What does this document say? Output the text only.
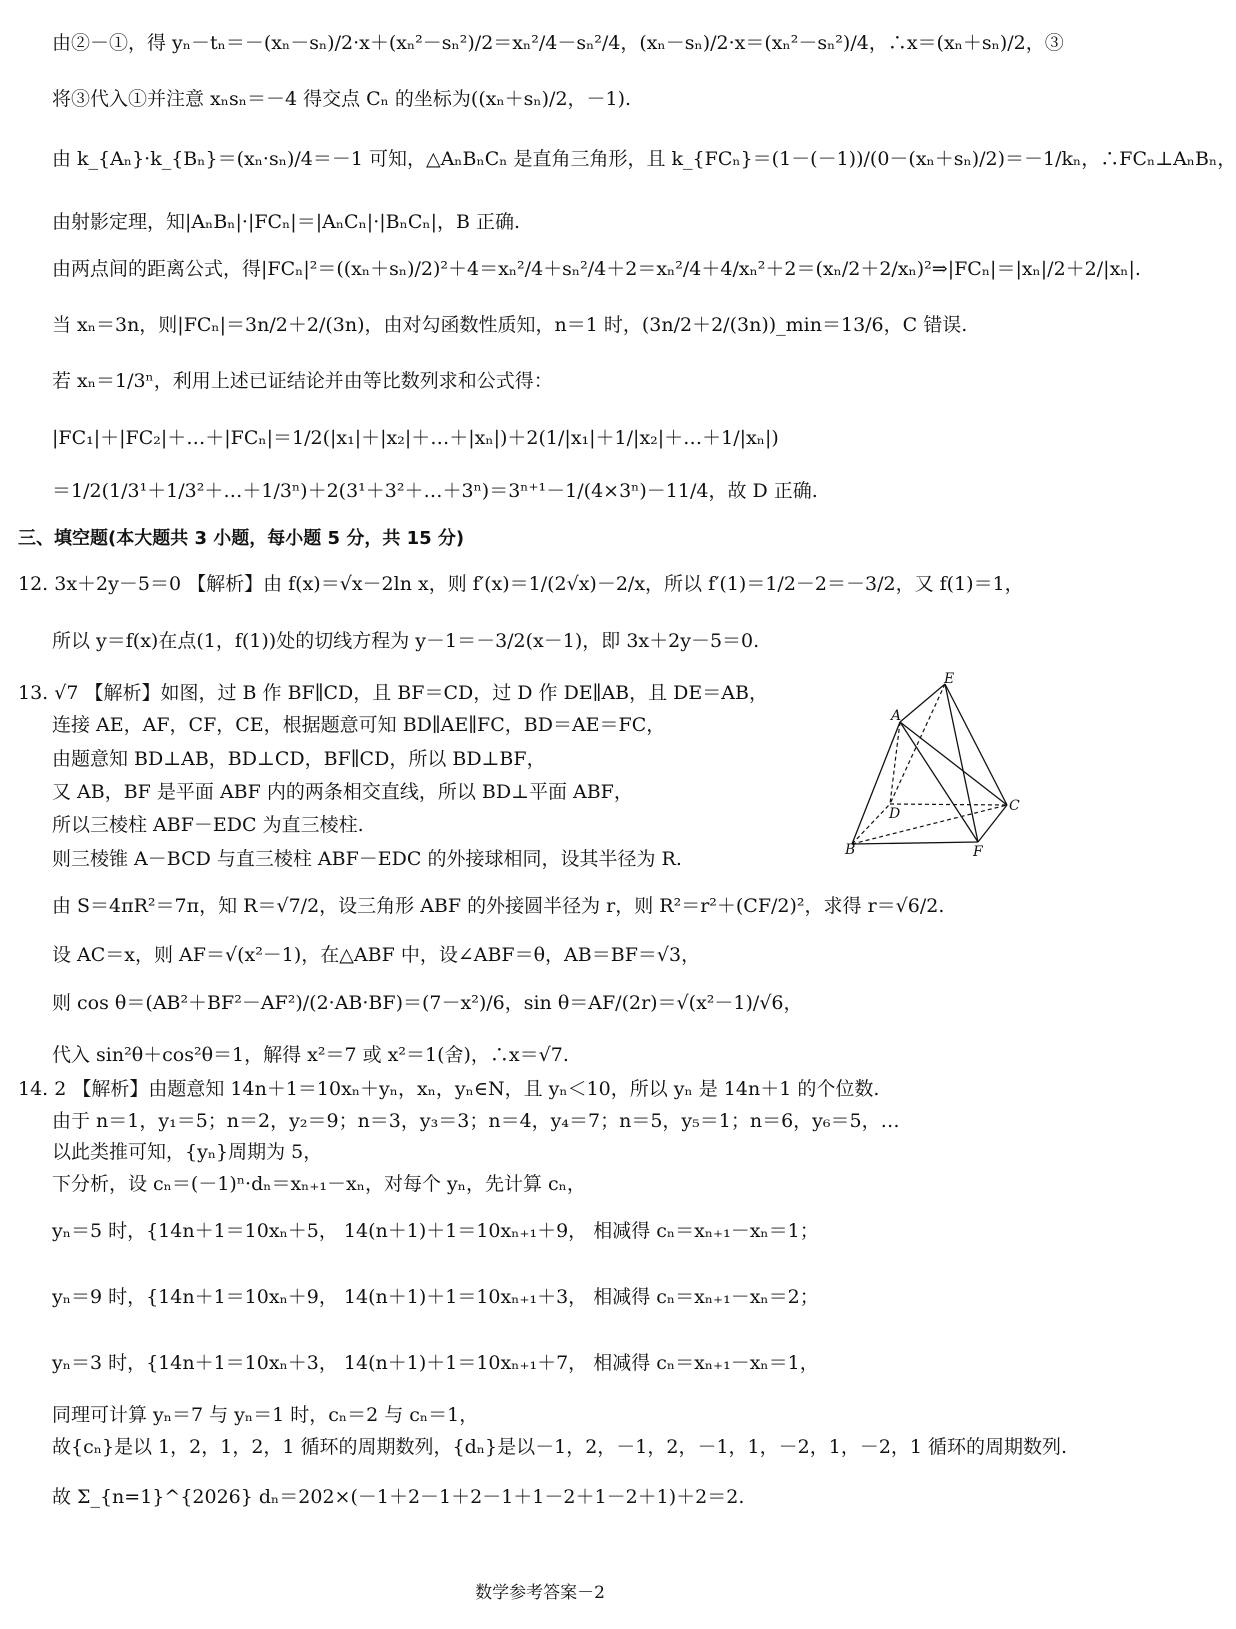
由②－①，得 yₙ－tₙ＝－(xₙ－sₙ)/2·x＋(xₙ²－sₙ²)/2＝xₙ²/4－sₙ²/4，(xₙ－sₙ)/2·x＝(xₙ²－sₙ²)/4，∴x＝(xₙ＋sₙ)/2，③
将③代入①并注意 xₙsₙ＝－4 得交点 Cₙ 的坐标为((xₙ＋sₙ)/2，－1).
由 k_{Aₙ}·k_{Bₙ}＝(xₙ·sₙ)/4＝－1 可知，△AₙBₙCₙ 是直角三角形，且 k_{FCₙ}＝(1－(－1))/(0－(xₙ＋sₙ)/2)＝－1/kₙ，∴FCₙ⊥AₙBₙ，
由射影定理，知|AₙBₙ|·|FCₙ|＝|AₙCₙ|·|BₙCₙ|，B 正确.
由两点间的距离公式，得|FCₙ|²＝((xₙ＋sₙ)/2)²＋4＝xₙ²/4＋sₙ²/4＋2＝xₙ²/4＋4/xₙ²＋2＝(xₙ/2＋2/xₙ)²⇒|FCₙ|＝|xₙ|/2＋2/|xₙ|.
当 xₙ＝3n，则|FCₙ|＝3n/2＋2/(3n)，由对勾函数性质知，n＝1 时，(3n/2＋2/(3n))_min＝13/6，C 错误.
若 xₙ＝1/3ⁿ，利用上述已证结论并由等比数列求和公式得：
|FC₁|＋|FC₂|＋…＋|FCₙ|＝1/2(|x₁|＋|x₂|＋…＋|xₙ|)＋2(1/|x₁|＋1/|x₂|＋…＋1/|xₙ|)
＝1/2(1/3¹＋1/3²＋…＋1/3ⁿ)＋2(3¹＋3²＋…＋3ⁿ)＝3ⁿ⁺¹－1/(4×3ⁿ)－11/4，故 D 正确.
三、填空题(本大题共 3 小题，每小题 5 分，共 15 分)
12. 3x＋2y－5＝0 【解析】由 f(x)＝√x－2ln x，则 f′(x)＝1/(2√x)－2/x，所以 f′(1)＝1/2－2＝－3/2，又 f(1)＝1，
所以 y＝f(x)在点(1，f(1))处的切线方程为 y－1＝－3/2(x－1)，即 3x＋2y－5＝0.
13. √7 【解析】如图，过 B 作 BF∥CD，且 BF＝CD，过 D 作 DE∥AB，且 DE＝AB，
连接 AE，AF，CF，CE，根据题意可知 BD∥AE∥FC，BD＝AE＝FC，
由题意知 BD⊥AB，BD⊥CD，BF∥CD，所以 BD⊥BF，
又 AB，BF 是平面 ABF 内的两条相交直线，所以 BD⊥平面 ABF，
所以三棱柱 ABF－EDC 为直三棱柱.
则三棱锥 A－BCD 与直三棱柱 ABF－EDC 的外接球相同，设其半径为 R.
由 S＝4πR²＝7π，知 R＝√7/2，设三角形 ABF 的外接圆半径为 r，则 R²＝r²＋(CF/2)²，求得 r＝√6/2.
设 AC＝x，则 AF＝√(x²－1)，在△ABF 中，设∠ABF＝θ，AB＝BF＝√3，
则 cos θ＝(AB²＋BF²－AF²)/(2·AB·BF)＝(7－x²)/6，sin θ＝AF/(2r)＝√(x²－1)/√6，
代入 sin²θ＋cos²θ＝1，解得 x²＝7 或 x²＝1(舍)，∴x＝√7.
14. 2 【解析】由题意知 14n＋1＝10xₙ＋yₙ，xₙ，yₙ∈N，且 yₙ＜10，所以 yₙ 是 14n＋1 的个位数.
由于 n＝1，y₁＝5；n＝2，y₂＝9；n＝3，y₃＝3；n＝4，y₄＝7；n＝5，y₅＝1；n＝6，y₆＝5，…
以此类推可知，{yₙ}周期为 5，
下分析，设 cₙ＝(－1)ⁿ·dₙ＝xₙ₊₁－xₙ，对每个 yₙ，先计算 cₙ，
yₙ＝5 时，{14n＋1＝10xₙ＋5， 14(n＋1)＋1＝10xₙ₊₁＋9， 相减得 cₙ＝xₙ₊₁－xₙ＝1；
yₙ＝9 时，{14n＋1＝10xₙ＋9， 14(n＋1)＋1＝10xₙ₊₁＋3， 相减得 cₙ＝xₙ₊₁－xₙ＝2；
yₙ＝3 时，{14n＋1＝10xₙ＋3， 14(n＋1)＋1＝10xₙ₊₁＋7， 相减得 cₙ＝xₙ₊₁－xₙ＝1，
同理可计算 yₙ＝7 与 yₙ＝1 时，cₙ＝2 与 cₙ＝1，
故{cₙ}是以 1，2，1，2，1 循环的周期数列，{dₙ}是以－1，2，－1，2，－1，1，－2，1，－2，1 循环的周期数列.
故 Σ_{n=1}^{2026} dₙ＝202×(－1＋2－1＋2－1＋1－2＋1－2＋1)＋2＝2.
E
A
D	C
B	F
数学参考答案－2
